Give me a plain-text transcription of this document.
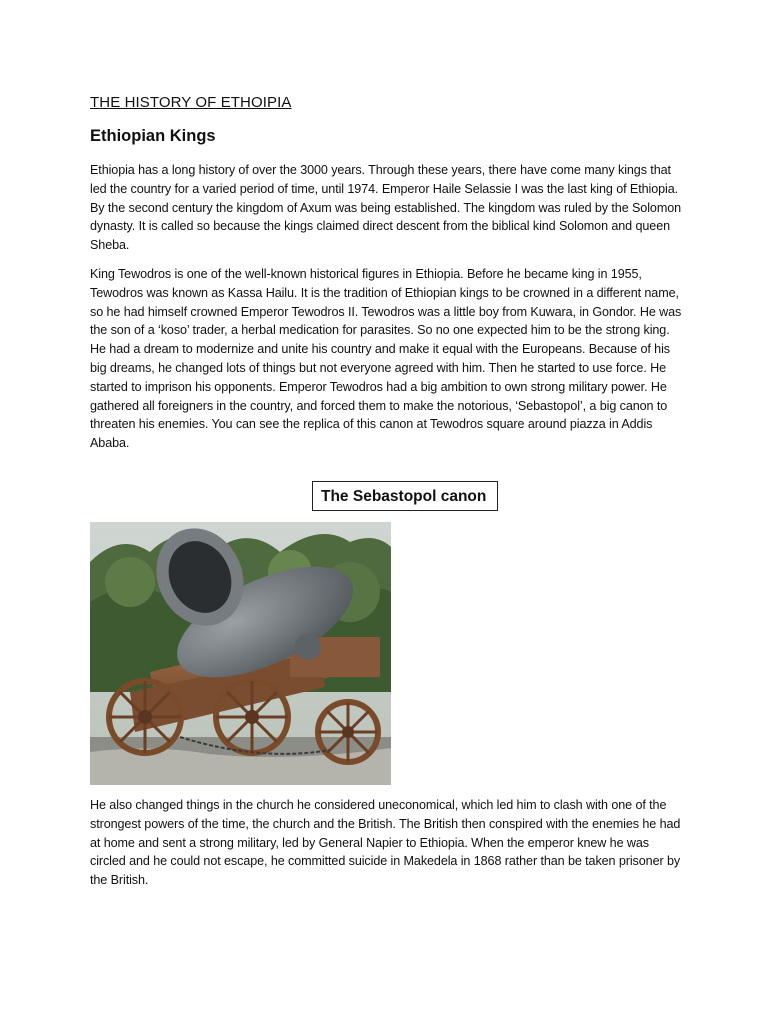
THE HISTORY OF ETHOIPIA
Ethiopian Kings

Ethiopia has a long history of over the 3000 years. Through these years, there have come many kings that led the country for a varied period of time, until 1974. Emperor Haile Selassie I was the last king of Ethiopia. By the second century the kingdom of Axum was being established. The kingdom was ruled by the Solomon dynasty. It is called so because the kings claimed direct descent from the biblical kind Solomon and queen Sheba.

King Tewodros is one of the well-known historical figures in Ethiopia. Before he became king in 1955, Tewodros was known as Kassa Hailu. It is the tradition of Ethiopian kings to be crowned in a different name, so he had himself crowned Emperor Tewodros II. Tewodros was a little boy from Kuwara, in Gondor. He was the son of a ‘koso’ trader, a herbal medication for parasites. So no one expected him to be the strong king. He had a dream to modernize and unite his country and make it equal with the Europeans. Because of his big dreams, he changed lots of things but not everyone agreed with him. Then he started to use force. He started to imprison his opponents. Emperor Tewodros had a big ambition to own strong military power. He gathered all foreigners in the country, and forced them to make the notorious, ‘Sebastopol’, a big canon to threaten his enemies. You can see the replica of this canon at Tewodros square around piazza in Addis Ababa.

The Sebastopol canon

He also changed things in the church he considered uneconomical, which led him to clash with one of the strongest powers of the time, the church and the British. The British then conspired with the enemies he had at home and sent a strong military, led by General Napier to Ethiopia. When the emperor knew he was circled and he could not escape, he committed suicide in Makedela in 1868 rather than be taken prisoner by the British.
